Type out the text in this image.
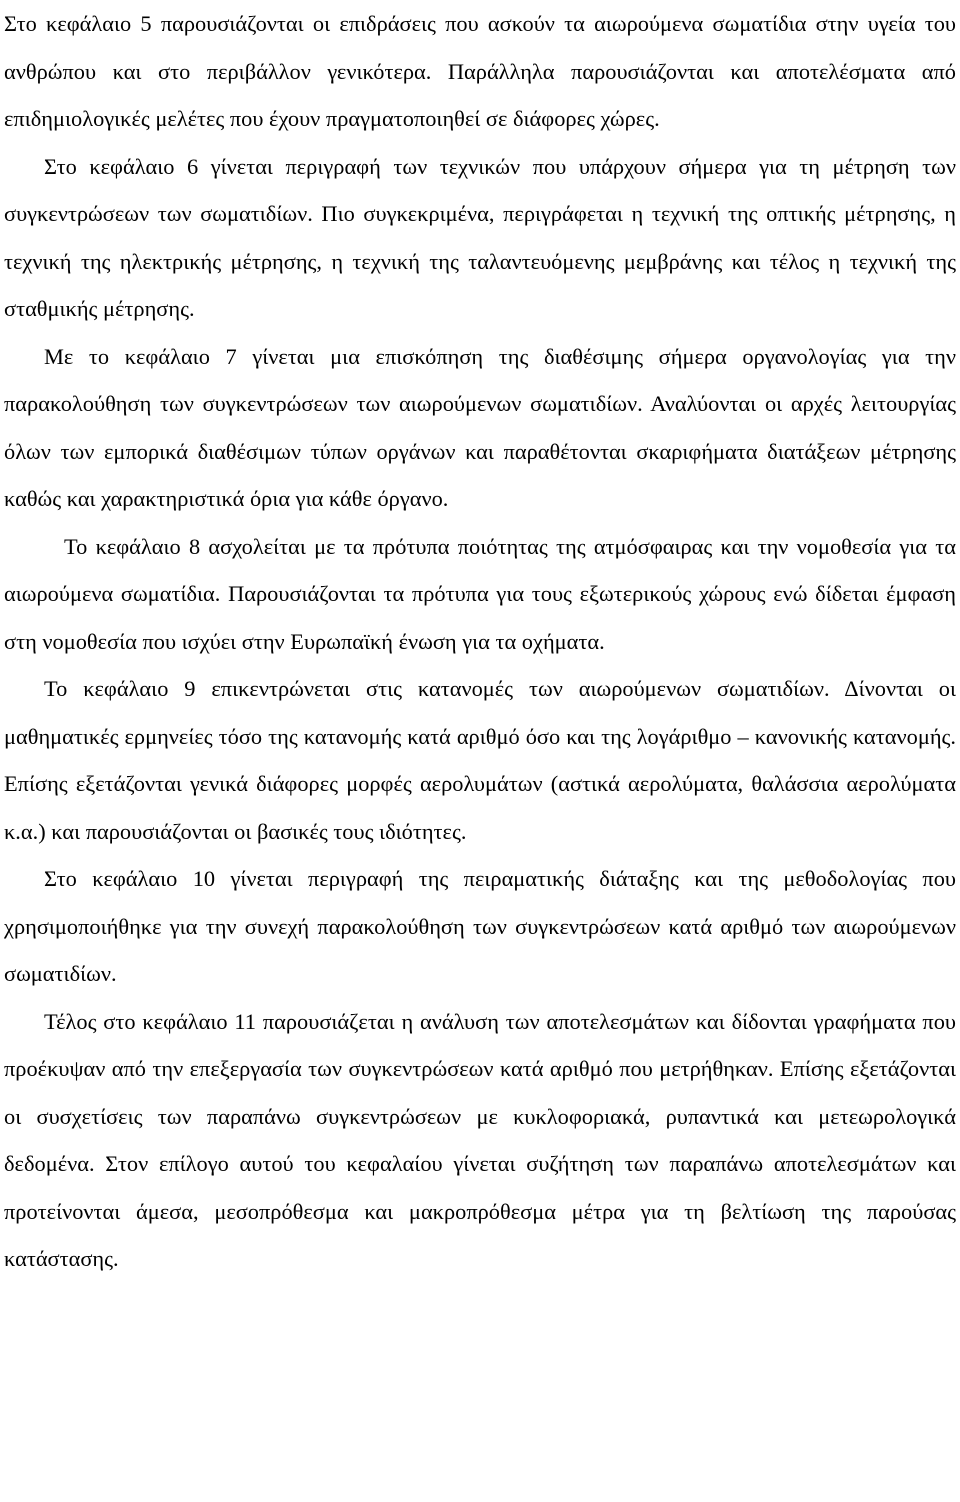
Στο κεφάλαιο 5 παρουσιάζονται οι επιδράσεις που ασκούν τα αιωρούμενα σωματίδια στην υγεία του ανθρώπου και στο περιβάλλον γενικότερα. Παράλληλα παρουσιάζονται και αποτελέσματα από επιδημιολογικές μελέτες που έχουν πραγματοποιηθεί σε διάφορες χώρες.

Στο κεφάλαιο 6 γίνεται περιγραφή των τεχνικών που υπάρχουν σήμερα για τη μέτρηση των συγκεντρώσεων των σωματιδίων. Πιο συγκεκριμένα, περιγράφεται η τεχνική της οπτικής μέτρησης, η τεχνική της ηλεκτρικής μέτρησης, η τεχνική της ταλαντευόμενης μεμβράνης και τέλος η τεχνική της σταθμικής μέτρησης.

Με το κεφάλαιο 7 γίνεται μια επισκόπηση της διαθέσιμης σήμερα οργανολογίας για την παρακολούθηση των συγκεντρώσεων των αιωρούμενων σωματιδίων. Αναλύονται οι αρχές λειτουργίας όλων των εμπορικά διαθέσιμων τύπων οργάνων και παραθέτονται σκαριφήματα διατάξεων μέτρησης καθώς και χαρακτηριστικά όρια για κάθε όργανο.

Το κεφάλαιο 8 ασχολείται με τα πρότυπα ποιότητας της ατμόσφαιρας και την νομοθεσία για τα αιωρούμενα σωματίδια. Παρουσιάζονται τα πρότυπα για τους εξωτερικούς χώρους ενώ δίδεται έμφαση στη νομοθεσία που ισχύει στην Ευρωπαϊκή ένωση για τα οχήματα.

Το κεφάλαιο 9 επικεντρώνεται στις κατανομές των αιωρούμενων σωματιδίων. Δίνονται οι μαθηματικές ερμηνείες τόσο της κατανομής κατά αριθμό όσο και της λογάριθμο – κανονικής κατανομής. Επίσης εξετάζονται γενικά διάφορες μορφές αερολυμάτων (αστικά αερολύματα, θαλάσσια αερολύματα κ.α.) και παρουσιάζονται οι βασικές τους ιδιότητες.

Στο κεφάλαιο 10 γίνεται περιγραφή της πειραματικής διάταξης και της μεθοδολογίας που χρησιμοποιήθηκε για την συνεχή παρακολούθηση των συγκεντρώσεων κατά αριθμό των αιωρούμενων σωματιδίων.

Τέλος στο κεφάλαιο 11 παρουσιάζεται η ανάλυση των αποτελεσμάτων και δίδονται γραφήματα που προέκυψαν από την επεξεργασία των συγκεντρώσεων κατά αριθμό που μετρήθηκαν. Επίσης εξετάζονται οι συσχετίσεις των παραπάνω συγκεντρώσεων με κυκλοφοριακά, ρυπαντικά και μετεωρολογικά δεδομένα. Στον επίλογο αυτού του κεφαλαίου γίνεται συζήτηση των παραπάνω αποτελεσμάτων και προτείνονται άμεσα, μεσοπρόθεσμα και μακροπρόθεσμα μέτρα για τη βελτίωση της παρούσας κατάστασης.
